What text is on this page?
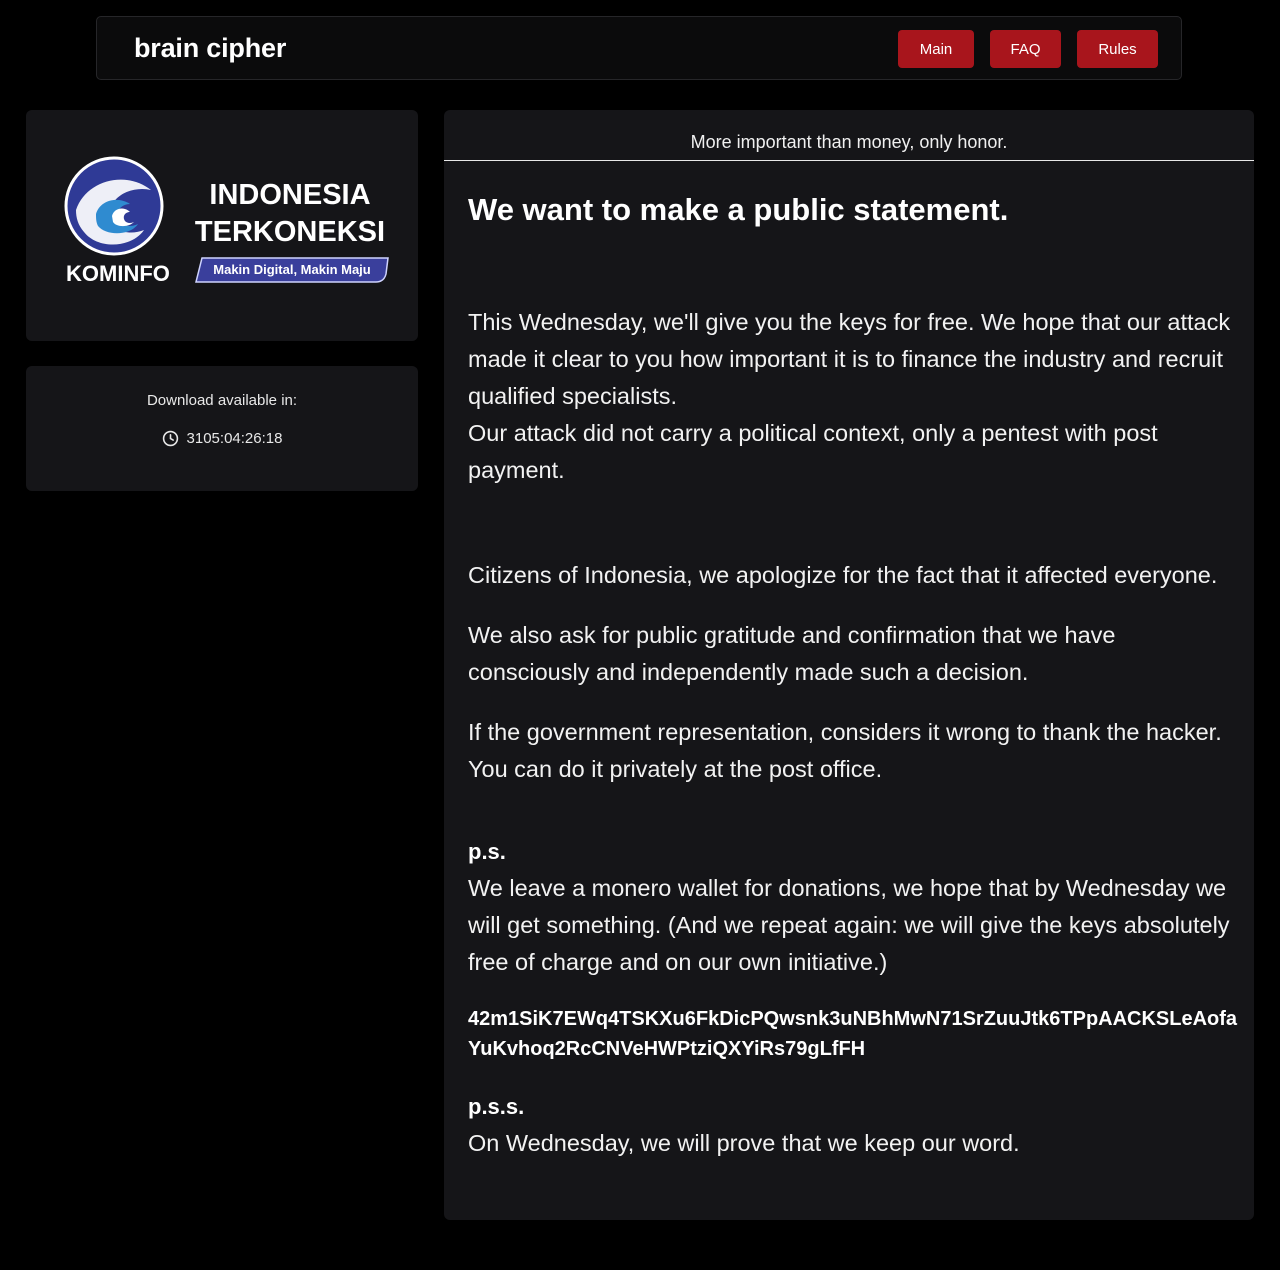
brain cipher	Main	FAQ	Rules
KOMINFO
INDONESIA
TERKONEKSI
Makin Digital, Makin Maju
Download available in:
3105:04:26:18
More important than money, only honor.
We want to make a public statement.

This Wednesday, we'll give you the keys for free. We hope that our attack made it clear to you how important it is to finance the industry and recruit qualified specialists.

Our attack did not carry a political context, only a pentest with post payment.

Citizens of Indonesia, we apologize for the fact that it affected everyone.

We also ask for public gratitude and confirmation that we have consciously and independently made such a decision.

If the government representation, considers it wrong to thank the hacker. You can do it privately at the post office.

p.s.

We leave a monero wallet for donations, we hope that by Wednesday we will get something. (And we repeat again: we will give the keys absolutely free of charge and on our own initiative.)

42m1SiK7EWq4TSKXu6FkDicPQwsnk3uNBhMwN71SrZuuJtk6TPpAACKSLeAofaYuKvhoq2RcCNVeHWPtziQXYiRs79gLfFH

p.s.s.

On Wednesday, we will prove that we keep our word.
